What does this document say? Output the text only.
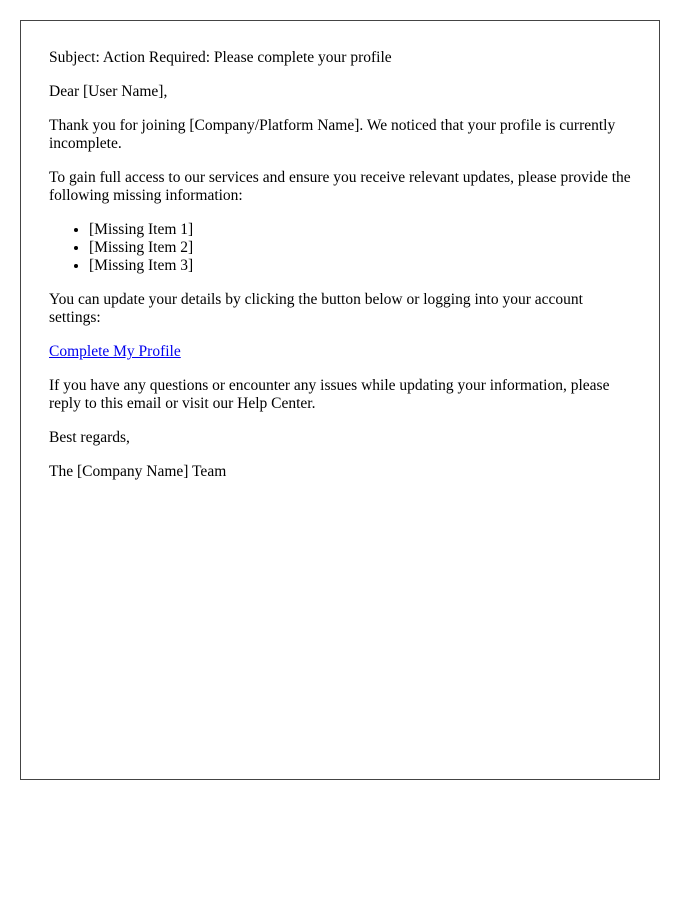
Subject: Action Required: Please complete your profile

Dear [User Name],

Thank you for joining [Company/Platform Name]. We noticed that your profile is currently incomplete.

To gain full access to our services and ensure you receive relevant updates, please provide the following missing information:

• [Missing Item 1]
• [Missing Item 2]
• [Missing Item 3]

You can update your details by clicking the button below or logging into your account settings:

Complete My Profile

If you have any questions or encounter any issues while updating your information, please reply to this email or visit our Help Center.

Best regards,

The [Company Name] Team
